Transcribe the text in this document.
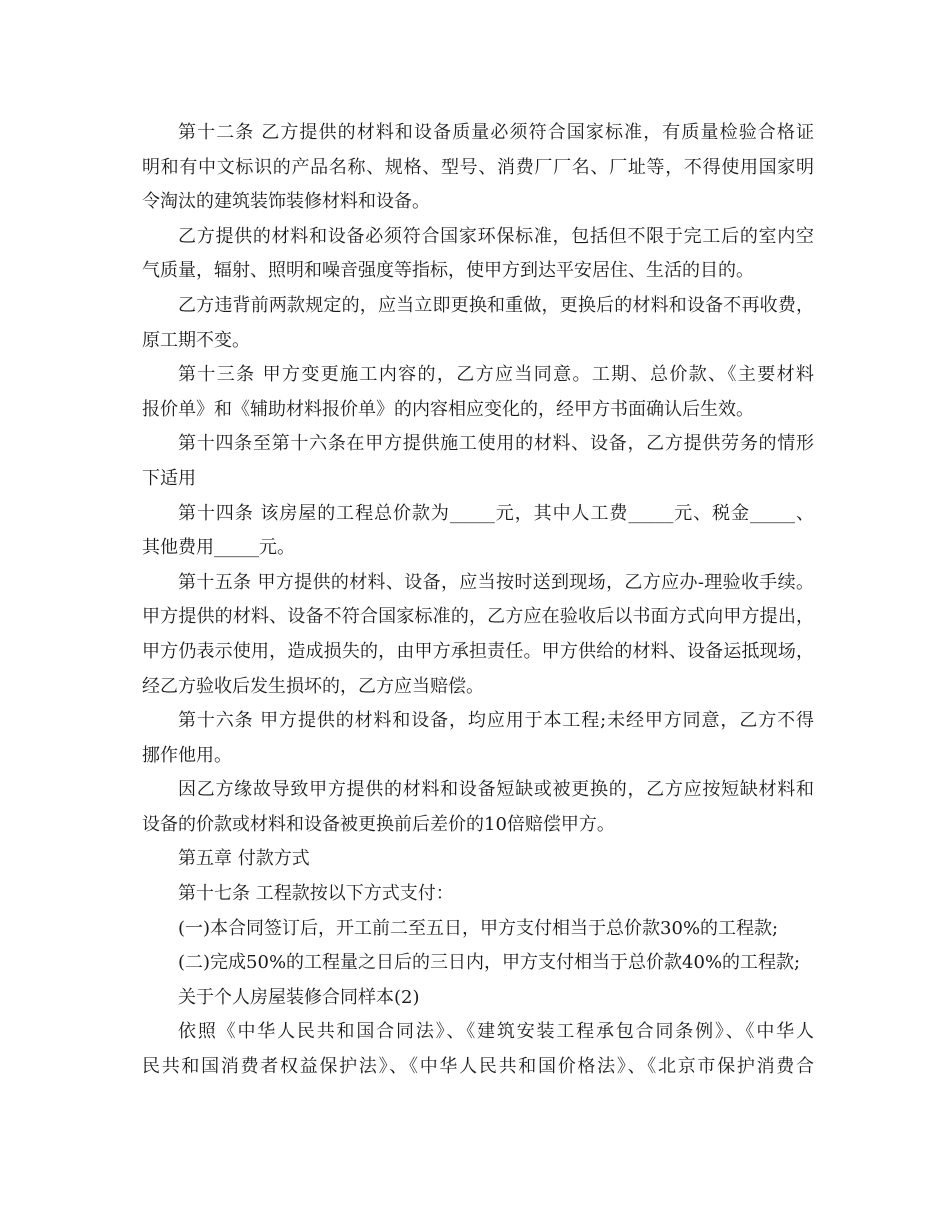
第十二条 乙方提供的材料和设备质量必须符合国家标准，有质量检验合格证
明和有中文标识的产品名称、规格、型号、消费厂厂名、厂址等，不得使用国家明
令淘汰的建筑装饰装修材料和设备。
乙方提供的材料和设备必须符合国家环保标准，包括但不限于完工后的室内空
气质量，辐射、照明和噪音强度等指标，使甲方到达平安居住、生活的目的。
乙方违背前两款规定的，应当立即更换和重做，更换后的材料和设备不再收费，
原工期不变。
第十三条 甲方变更施工内容的，乙方应当同意。工期、总价款、《主要材料
报价单》和《辅助材料报价单》的内容相应变化的，经甲方书面确认后生效。
第十四条至第十六条在甲方提供施工使用的材料、设备，乙方提供劳务的情形
下适用
第十四条 该房屋的工程总价款为_____元，其中人工费_____元、税金_____、
其他费用_____元。
第十五条 甲方提供的材料、设备，应当按时送到现场，乙方应办-理验收手续。
甲方提供的材料、设备不符合国家标准的，乙方应在验收后以书面方式向甲方提出，
甲方仍表示使用，造成损失的，由甲方承担责任。甲方供给的材料、设备运抵现场，
经乙方验收后发生损坏的，乙方应当赔偿。
第十六条 甲方提供的材料和设备，均应用于本工程;未经甲方同意，乙方不得
挪作他用。
因乙方缘故导致甲方提供的材料和设备短缺或被更换的，乙方应按短缺材料和
设备的价款或材料和设备被更换前后差价的10倍赔偿甲方。
第五章 付款方式
第十七条 工程款按以下方式支付：
(一)本合同签订后，开工前二至五日，甲方支付相当于总价款30%的工程款;
(二)完成50%的工程量之日后的三日内，甲方支付相当于总价款40%的工程款;
关于个人房屋装修合同样本(2)
依照《中华人民共和国合同法》、《建筑安装工程承包合同条例》、《中华人
民共和国消费者权益保护法》、《中华人民共和国价格法》、《北京市保护消费合
